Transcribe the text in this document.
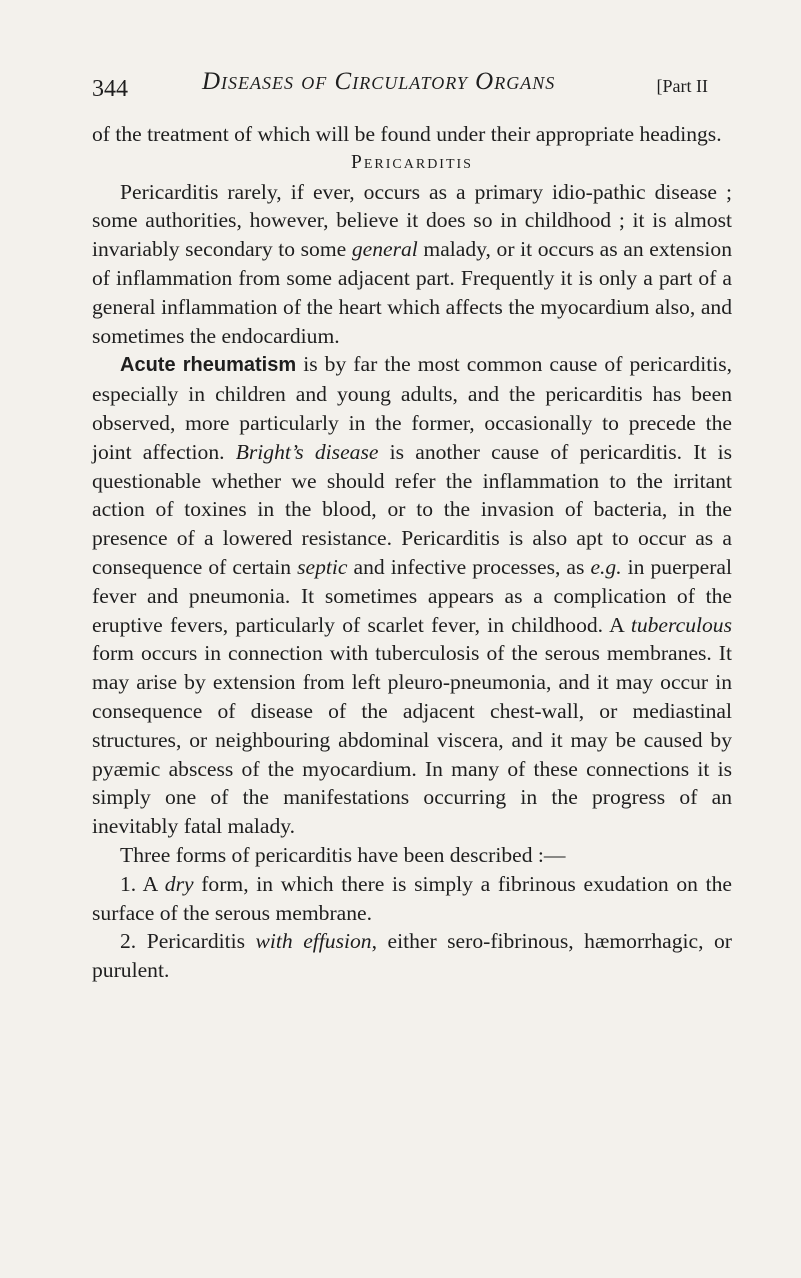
344	Diseases of Circulatory Organs	[Part II

of the treatment of which will be found under their appropriate headings.

Pericarditis

Pericarditis rarely, if ever, occurs as a primary idio-pathic disease ; some authorities, however, believe it does so in childhood ; it is almost invariably secondary to some general malady, or it occurs as an extension of inflammation from some adjacent part. Frequently it is only a part of a general inflammation of the heart which affects the myocardium also, and sometimes the endocardium.

Acute rheumatism is by far the most common cause of pericarditis, especially in children and young adults, and the pericarditis has been observed, more particularly in the former, occasionally to precede the joint affection. Bright’s disease is another cause of pericarditis. It is questionable whether we should refer the inflammation to the irritant action of toxines in the blood, or to the invasion of bacteria, in the presence of a lowered resistance. Pericarditis is also apt to occur as a consequence of certain septic and infective processes, as e.g. in puerperal fever and pneumonia. It sometimes appears as a complication of the eruptive fevers, particularly of scarlet fever, in childhood. A tuberculous form occurs in connection with tuberculosis of the serous membranes. It may arise by extension from left pleuro-pneumonia, and it may occur in consequence of disease of the adjacent chest-wall, or mediastinal structures, or neighbouring abdominal viscera, and it may be caused by pyæmic abscess of the myocardium. In many of these connections it is simply one of the manifestations occurring in the progress of an inevitably fatal malady.

Three forms of pericarditis have been described :—

1. A dry form, in which there is simply a fibrinous exudation on the surface of the serous membrane.

2. Pericarditis with effusion, either sero-fibrinous, hæmorrhagic, or purulent.
